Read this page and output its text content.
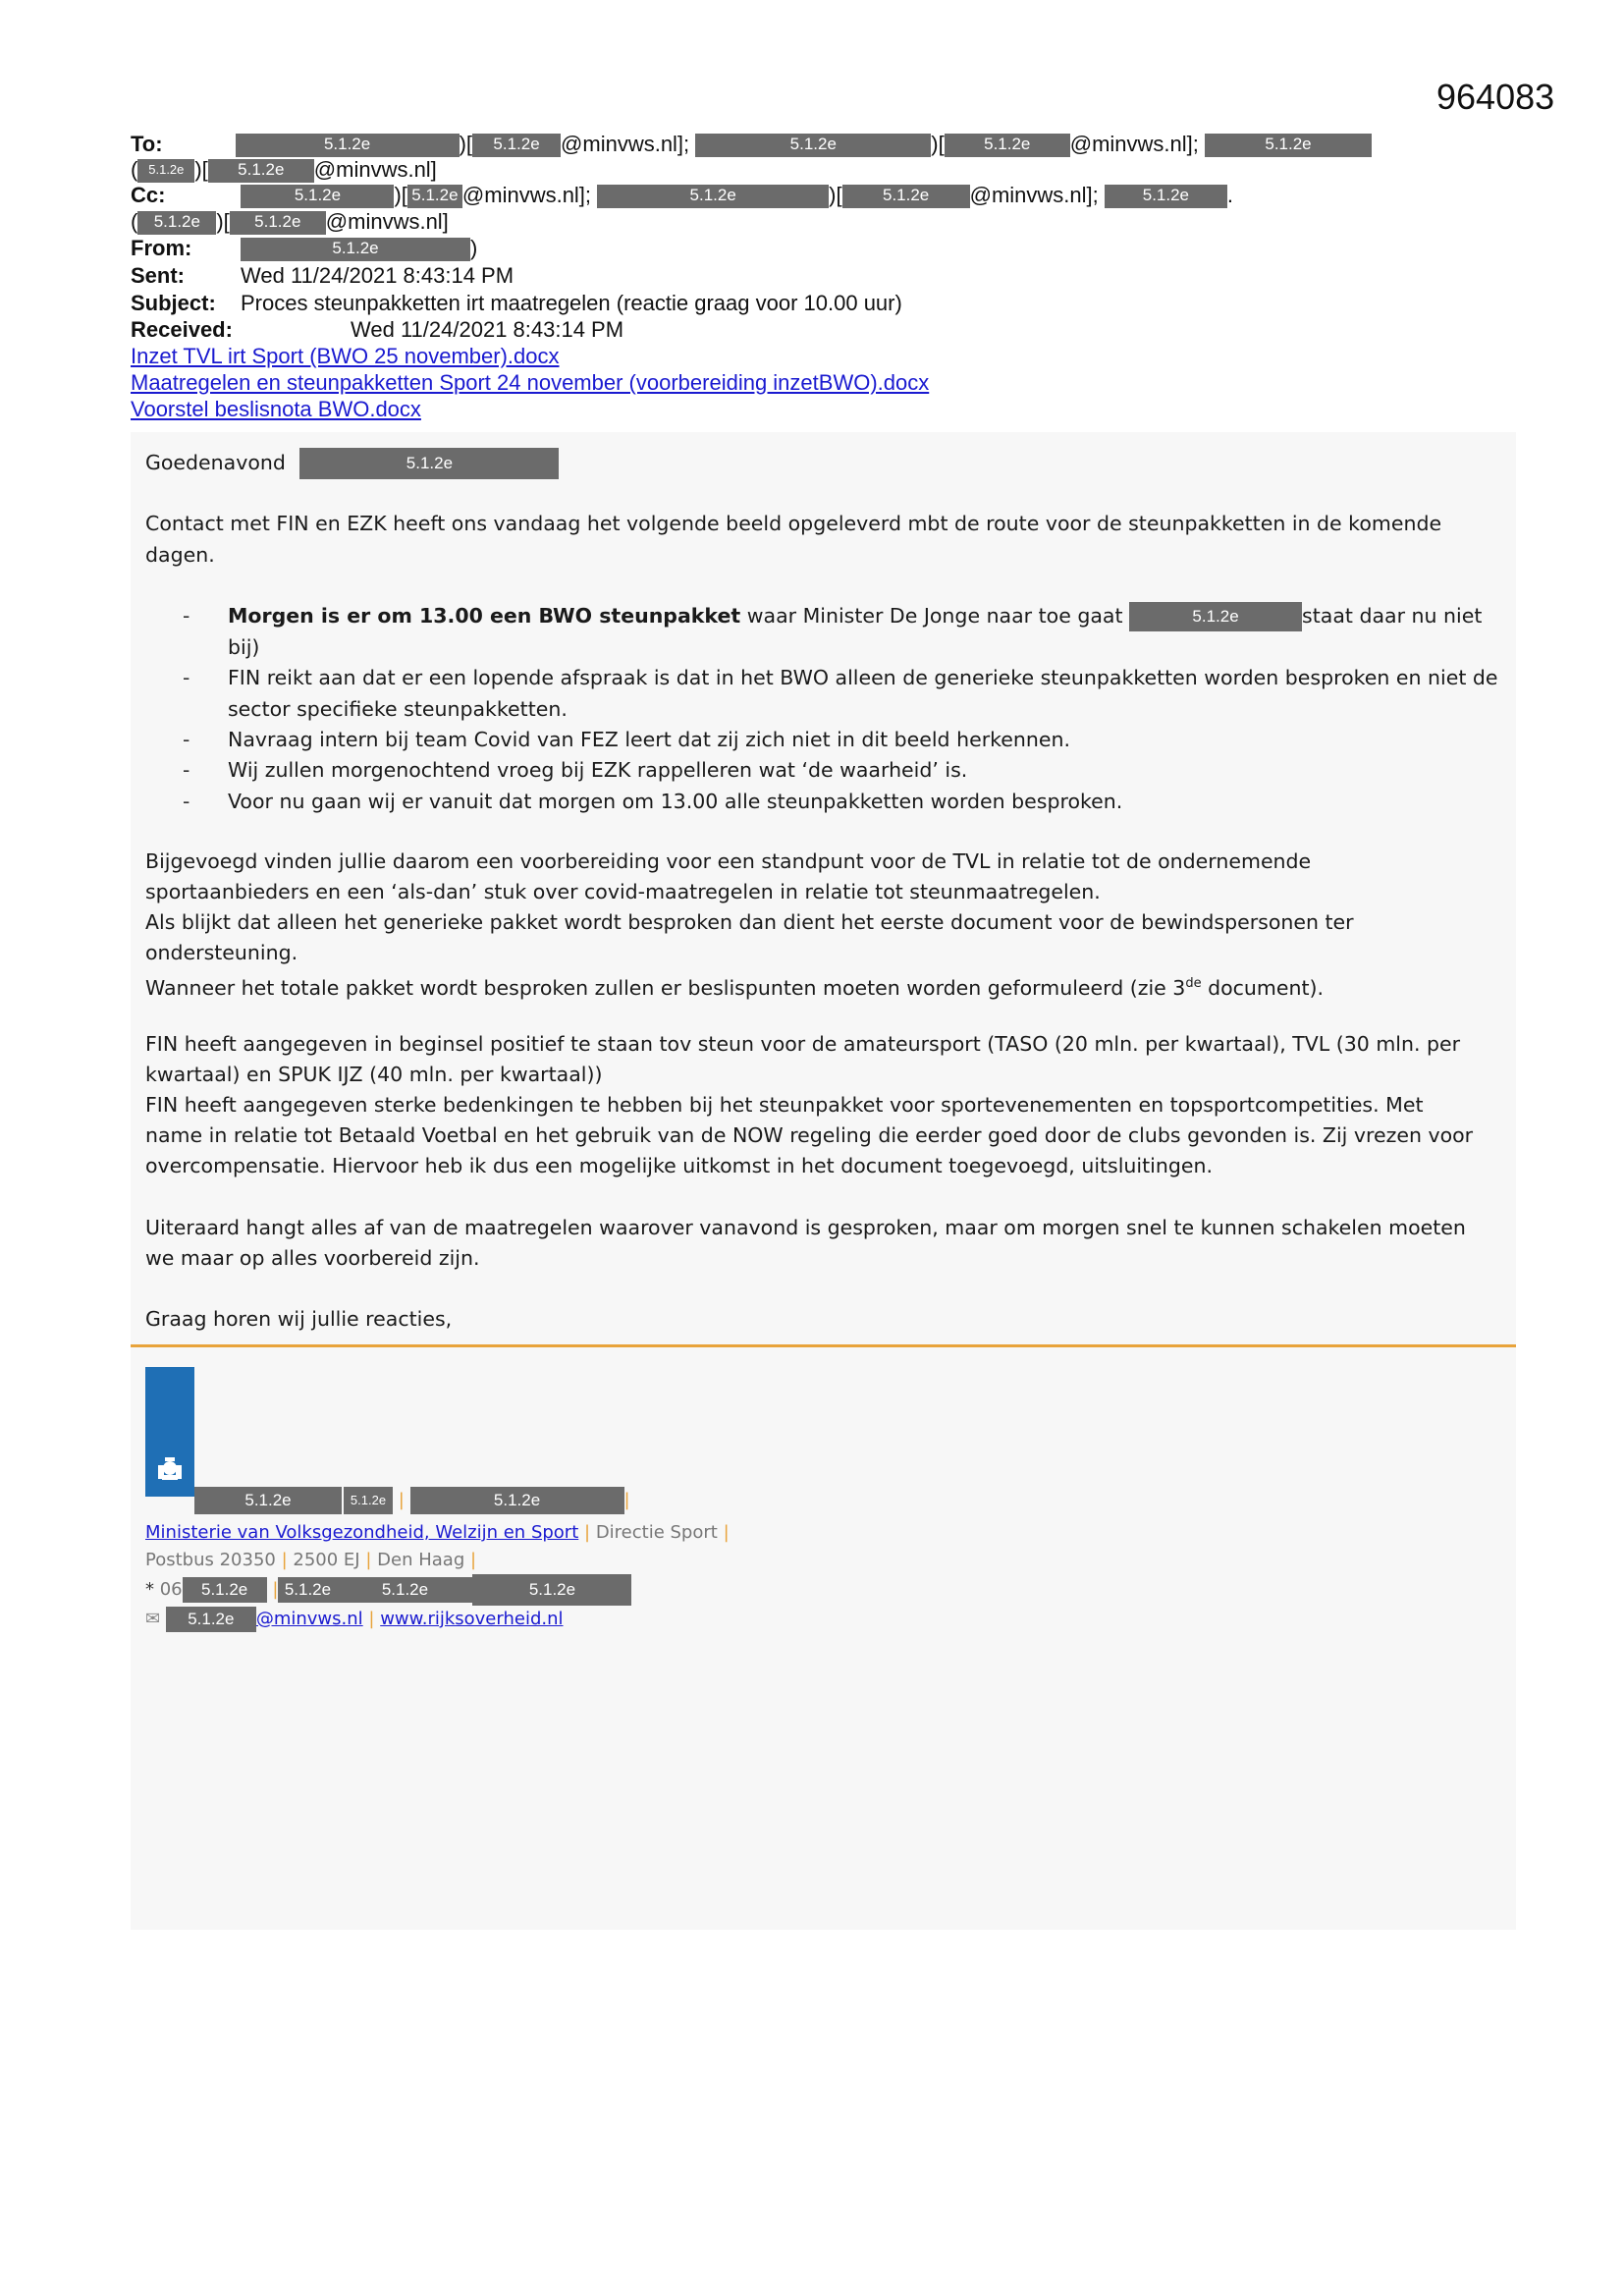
964083
To:	5.1.2e	)[ 5.1.2e @minvws.nl];	5.1.2e	)[ 5.1.2e @minvws.nl];	5.1.2e
( 5.1.2e )[ 5.1.2e @minvws.nl]
Cc:	5.1.2e )[ 5.1.2e @minvws.nl];	5.1.2e	)[ 5.1.2e @minvws.nl];	5.1.2e .
( 5.1.2e )[ 5.1.2e @minvws.nl]
From:	5.1.2e	)
Sent:	Wed 11/24/2021 8:43:14 PM
Subject: Proces steunpakketten irt maatregelen (reactie graag voor 10.00 uur)
Received:	Wed 11/24/2021 8:43:14 PM
Inzet TVL irt Sport (BWO 25 november).docx
Maatregelen en steunpakketten Sport 24 november (voorbereiding inzetBWO).docx
Voorstel beslisnota BWO.docx
Goedenavond	5.1.2e
Contact met FIN en EZK heeft ons vandaag het volgende beeld opgeleverd mbt de route voor de steunpakketten in de komende dagen.
- Morgen is er om 13.00 een BWO steunpakket waar Minister De Jonge naar toe gaat	5.1.2e	staat daar nu niet
bij)
- FIN reikt aan dat er een lopende afspraak is dat in het BWO alleen de generieke steunpakketten worden besproken en niet de sector specifieke steunpakketten.
- Navraag intern bij team Covid van FEZ leert dat zij zich niet in dit beeld herkennen.
- Wij zullen morgenochtend vroeg bij EZK rappelleren wat ‘de waarheid’ is.
- Voor nu gaan wij er vanuit dat morgen om 13.00 alle steunpakketten worden besproken.
Bijgevoegd vinden jullie daarom een voorbereiding voor een standpunt voor de TVL in relatie tot de ondernemende
sportaanbieders en een ‘als-dan’ stuk over covid-maatregelen in relatie tot steunmaatregelen.
Als blijkt dat alleen het generieke pakket wordt besproken dan dient het eerste document voor de bewindspersonen ter
ondersteuning.
Wanneer het totale pakket wordt besproken zullen er beslispunten moeten worden geformuleerd (zie 3de document).
FIN heeft aangegeven in beginsel positief te staan tov steun voor de amateursport (TASO (20 mln. per kwartaal), TVL (30 mln. per
kwartaal) en SPUK IJZ (40 mln. per kwartaal))
FIN heeft aangegeven sterke bedenkingen te hebben bij het steunpakket voor sportevenementen en topsportcompetities. Met
name in relatie tot Betaald Voetbal en het gebruik van de NOW regeling die eerder goed door de clubs gevonden is. Zij vrezen voor
overcompensatie. Hiervoor heb ik dus een mogelijke uitkomst in het document toegevoegd, uitsluitingen.
Uiteraard hangt alles af van de maatregelen waarover vanavond is gesproken, maar om morgen snel te kunnen schakelen moeten
we maar op alles voorbereid zijn.
Graag horen wij jullie reacties,
5.1.2e	5.1.2e |	5.1.2e	|
Ministerie van Volksgezondheid, Welzijn en Sport | Directie Sport |
Postbus 20350 | 2500 EJ | Den Haag |
* 06 5.1.2e | 5.1.2e	5.1.2e	5.1.2e
✉ 5.1.2e @minvws.nl | www.rijksoverheid.nl
